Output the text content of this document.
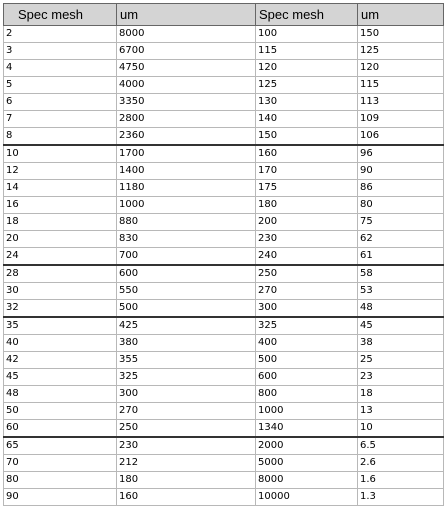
Spec mesh	um	Spec mesh	um
2	8000	100	150
3	6700	115	125
4	4750	120	120
5	4000	125	115
6	3350	130	113
7	2800	140	109
8	2360	150	106
10	1700	160	96
12	1400	170	90
14	1180	175	86
16	1000	180	80
18	880	200	75
20	830	230	62
24	700	240	61
28	600	250	58
30	550	270	53
32	500	300	48
35	425	325	45
40	380	400	38
42	355	500	25
45	325	600	23
48	300	800	18
50	270	1000	13
60	250	1340	10
65	230	2000	6.5
70	212	5000	2.6
80	180	8000	1.6
90	160	10000	1.3
